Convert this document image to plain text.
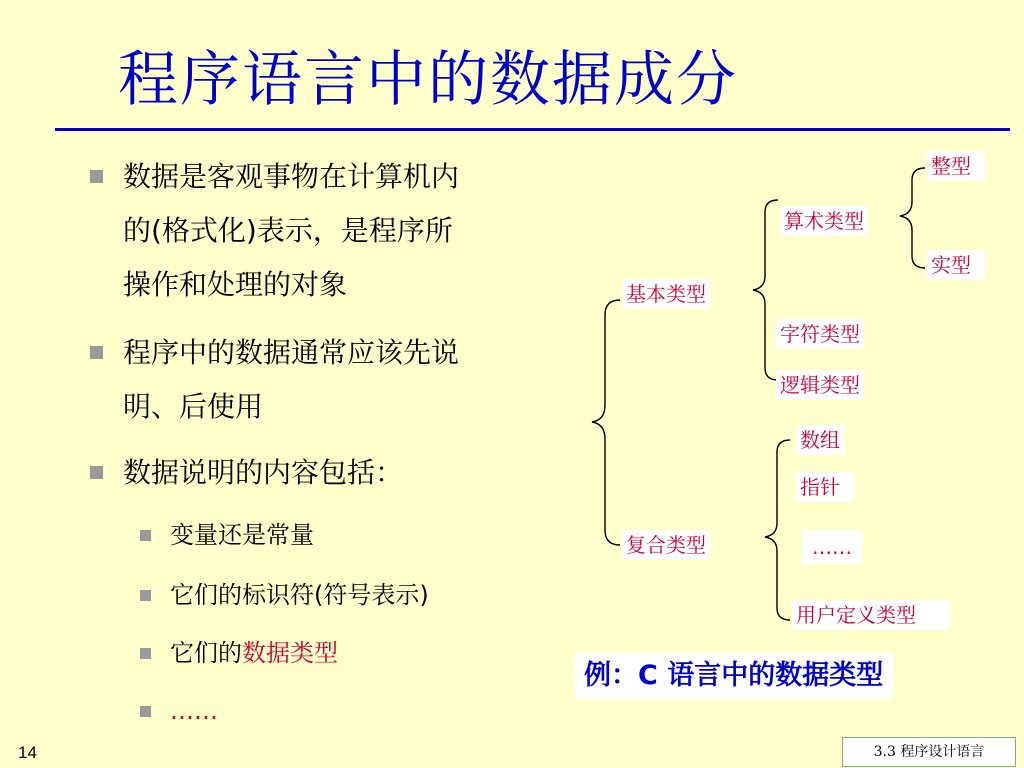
程序语言中的数据成分
数据是客观事物在计算机内
的(格式化)表示，是程序所
操作和处理的对象
程序中的数据通常应该先说
明、后使用
数据说明的内容包括：
变量还是常量
它们的标识符(符号表示)
它们的数据类型
……
基本类型
算术类型
整型
实型
字符类型
逻辑类型
复合类型
数组
指针
……
用户定义类型
例：C 语言中的数据类型
14	3.3 程序设计语言
